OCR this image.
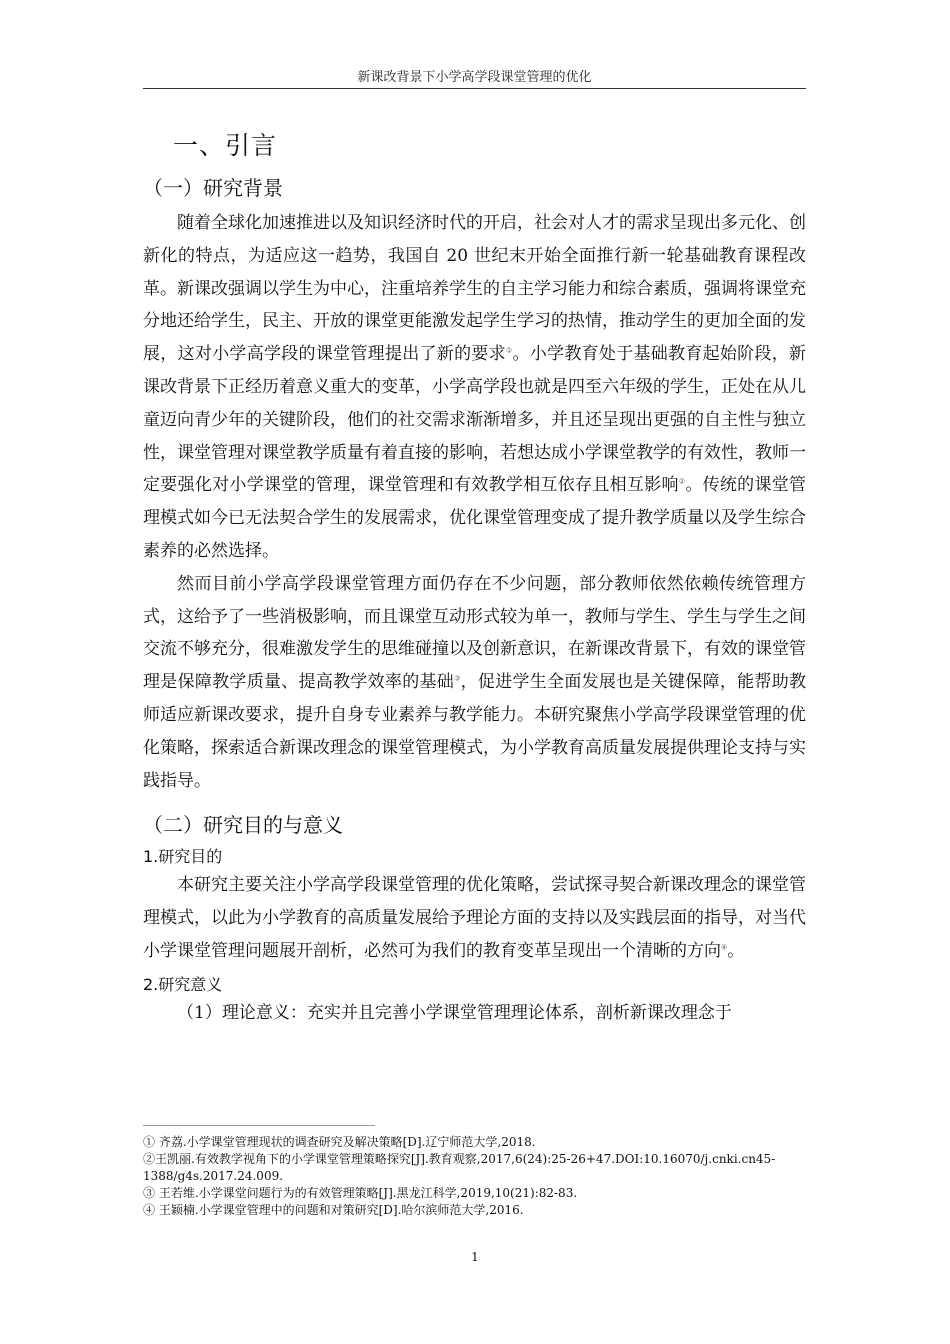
新课改背景下小学高学段课堂管理的优化
一、引言
（一）研究背景

随着全球化加速推进以及知识经济时代的开启，社会对人才的需求呈现出多元化、创新化的特点，为适应这一趋势，我国自 20 世纪末开始全面推行新一轮基础教育课程改革。新课改强调以学生为中心，注重培养学生的自主学习能力和综合素质，强调将课堂充分地还给学生，民主、开放的课堂更能激发起学生学习的热情，推动学生的更加全面的发展，这对小学高学段的课堂管理提出了新的要求①。小学教育处于基础教育起始阶段，新课改背景下正经历着意义重大的变革，小学高学段也就是四至六年级的学生，正处在从儿童迈向青少年的关键阶段，他们的社交需求渐渐增多，并且还呈现出更强的自主性与独立性，课堂管理对课堂教学质量有着直接的影响，若想达成小学课堂教学的有效性，教师一定要强化对小学课堂的管理，课堂管理和有效教学相互依存且相互影响②。传统的课堂管理模式如今已无法契合学生的发展需求，优化课堂管理变成了提升教学质量以及学生综合素养的必然选择。

然而目前小学高学段课堂管理方面仍存在不少问题，部分教师依然依赖传统管理方式，这给予了一些消极影响，而且课堂互动形式较为单一，教师与学生、学生与学生之间交流不够充分，很难激发学生的思维碰撞以及创新意识，在新课改背景下，有效的课堂管理是保障教学质量、提高教学效率的基础③，促进学生全面发展也是关键保障，能帮助教师适应新课改要求，提升自身专业素养与教学能力。本研究聚焦小学高学段课堂管理的优化策略，探索适合新课改理念的课堂管理模式，为小学教育高质量发展提供理论支持与实践指导。

（二）研究目的与意义
1.研究目的

本研究主要关注小学高学段课堂管理的优化策略，尝试探寻契合新课改理念的课堂管理模式，以此为小学教育的高质量发展给予理论方面的支持以及实践层面的指导，对当代小学课堂管理问题展开剖析，必然可为我们的教育变革呈现出一个清晰的方向④。

2.研究意义

（1）理论意义：充实并且完善小学课堂管理理论体系，剖析新课改理念于

① 齐荔.小学课堂管理现状的调查研究及解决策略[D].辽宁师范大学,2018.
②王凯丽.有效教学视角下的小学课堂管理策略探究[J].教育观察,2017,6(24):25-26+47.DOI:10.16070/j.cnki.cn45-1388/g4s.2017.24.009.
③ 王若维.小学课堂问题行为的有效管理策略[J].黑龙江科学,2019,10(21):82-83.
④ 王颖楠.小学课堂管理中的问题和对策研究[D].哈尔滨师范大学,2016.
1
